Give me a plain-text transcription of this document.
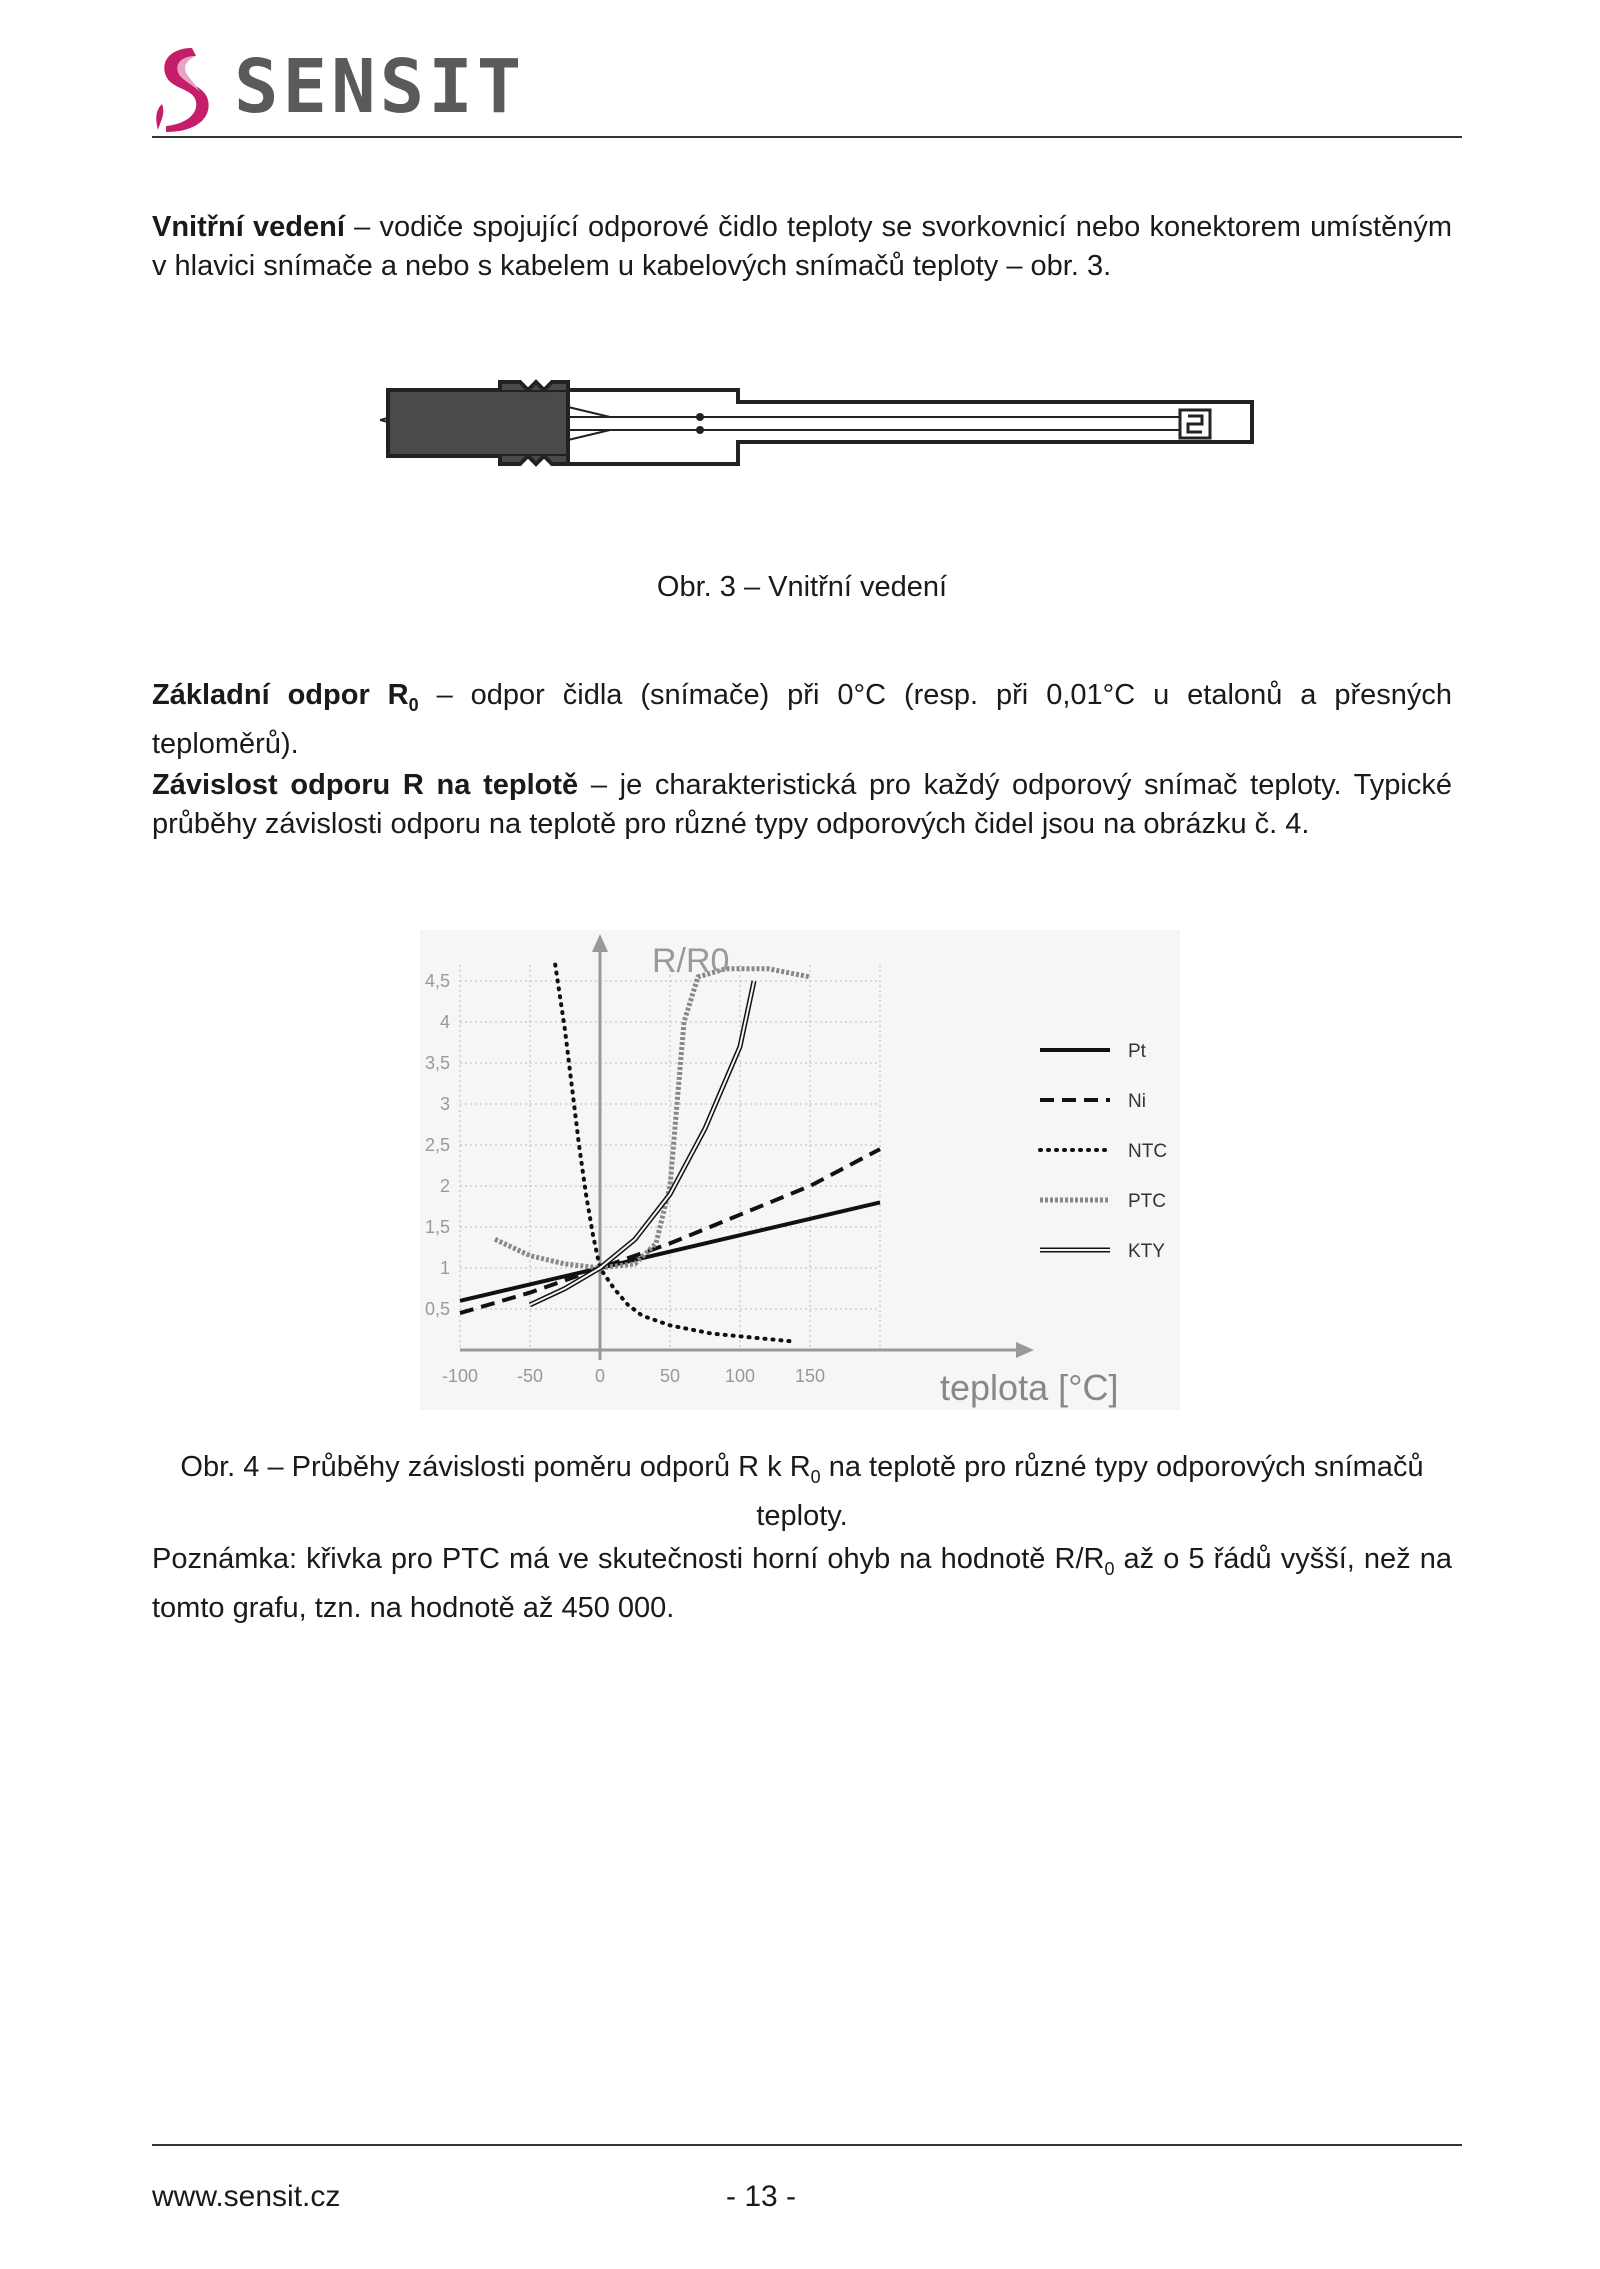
SENSIT
Vnitřní vedení – vodiče spojující odporové čidlo teploty se svorkovnicí nebo konektorem umístěným v hlavici snímače a nebo s kabelem u kabelových snímačů teploty – obr. 3.
Obr. 3 – Vnitřní vedení
Základní odpor $R_0$ – odpor čidla (snímače) při 0°C (resp. při 0,01°C u etalonů a přesných teploměrů).
Závislost odporu R na teplotě – je charakteristická pro každý odporový snímač teploty. Typické průběhy závislosti odporu na teplotě pro různé typy odporových čidel jsou na obrázku č. 4.
Pt
Ni
NTC
PTC
KTY
-100 -50	0	50 100 150
0,5
1
1,5
2
2,5
3
3,5
4
4,5
R/R0
teplota [°C]
Obr. 4 – Průběhy závislosti poměru odporů R k $R_0$ na teplotě pro různé typy odporových snímačů teploty.
Poznámka: křivka pro PTC má ve skutečnosti horní ohyb na hodnotě $R/R_0$ až o 5 řádů vyšší, než na tomto grafu, tzn. na hodnotě až 450 000.
www.sensit.cz	- 13 -
